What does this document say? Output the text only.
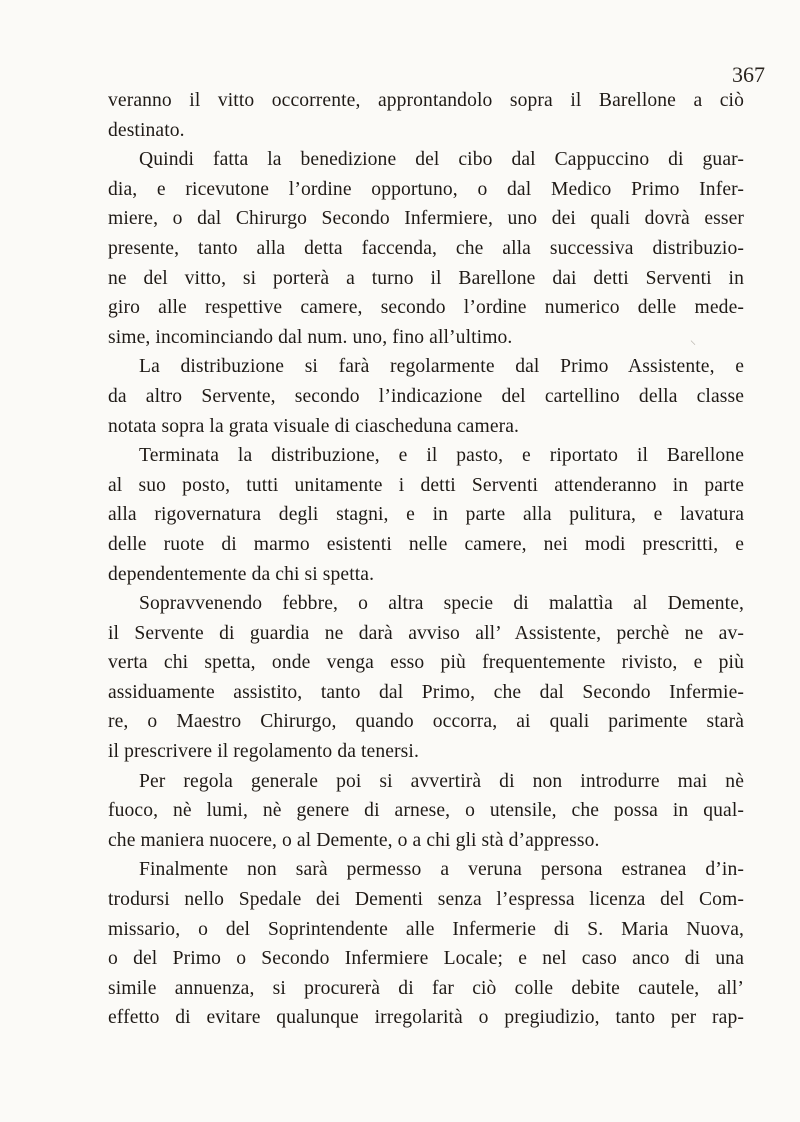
367
veranno il vitto occorrente, approntandolo sopra il Barellone a ciò
destinato.
Quindi fatta la benedizione del cibo dal Cappuccino di guar-
dia, e ricevutone l’ordine opportuno, o dal Medico Primo Infer-
miere, o dal Chirurgo Secondo Infermiere, uno dei quali dovrà esser
presente, tanto alla detta faccenda, che alla successiva distribuzio-
ne del vitto, si porterà a turno il Barellone dai detti Serventi in
giro alle respettive camere, secondo l’ordine numerico delle mede-
sime, incominciando dal num. uno, fino all’ultimo.
La distribuzione si farà regolarmente dal Primo Assistente, e
da altro Servente, secondo l’indicazione del cartellino della classe
notata sopra la grata visuale di ciascheduna camera.
Terminata la distribuzione, e il pasto, e riportato il Barellone
al suo posto, tutti unitamente i detti Serventi attenderanno in parte
alla rigovernatura degli stagni, e in parte alla pulitura, e lavatura
delle ruote di marmo esistenti nelle camere, nei modi prescritti, e
dependentemente da chi si spetta.
Sopravvenendo febbre, o altra specie di malattìa al Demente,
il Servente di guardia ne darà avviso all’ Assistente, perchè ne av-
verta chi spetta, onde venga esso più frequentemente rivisto, e più
assiduamente assistito, tanto dal Primo, che dal Secondo Infermie-
re, o Maestro Chirurgo, quando occorra, ai quali parimente starà
il prescrivere il regolamento da tenersi.
Per regola generale poi si avvertirà di non introdurre mai nè
fuoco, nè lumi, nè genere di arnese, o utensile, che possa in qual-
che maniera nuocere, o al Demente, o a chi gli stà d’appresso.
Finalmente non sarà permesso a veruna persona estranea d’in-
trodursi nello Spedale dei Dementi senza l’espressa licenza del Com-
missario, o del Soprintendente alle Infermerie di S. Maria Nuova,
o del Primo o Secondo Infermiere Locale; e nel caso anco di una
simile annuenza, si procurerà di far ciò colle debite cautele, all’
effetto di evitare qualunque irregolarità o pregiudizio, tanto per rap-
⸌
